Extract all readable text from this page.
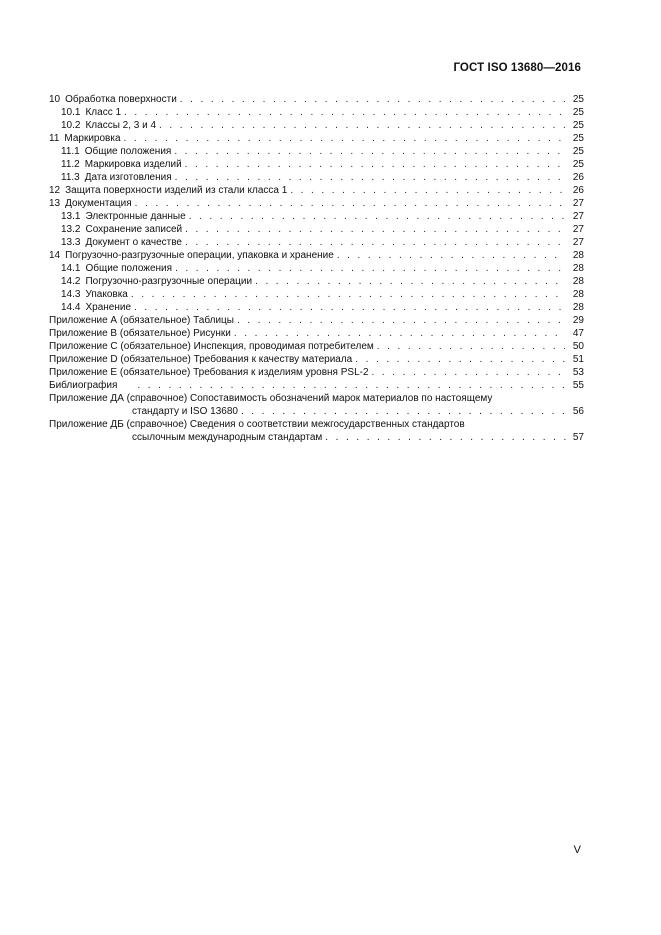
ГОСТ ISO 13680—2016
10 Обработка поверхности . . .	25
10.1 Класс 1 . . .	25
10.2 Классы 2, 3 и 4 . . .	25
11 Маркировка . . .	25
11.1 Общие положения . . .	25
11.2 Маркировка изделий . . .	25
11.3 Дата изготовления . . .	26
12 Защита поверхности изделий из стали класса 1 . . .	26
13 Документация . . .	27
13.1 Электронные данные . . .	27
13.2 Сохранение записей . . .	27
13.3 Документ о качестве . . .	27
14 Погрузочно-разгрузочные операции, упаковка и хранение . . .	28
14.1 Общие положения . . .	28
14.2 Погрузочно-разгрузочные операции . . .	28
14.3 Упаковка . . .	28
14.4 Хранение . . .	28
Приложение А (обязательное) Таблицы . . .	29
Приложение В (обязательное) Рисунки . . .	47
Приложение С (обязательное) Инспекция, проводимая потребителем . . .	50
Приложение D (обязательное) Требования к качеству материала . . .	51
Приложение Е (обязательное) Требования к изделиям уровня PSL-2 . . .	53
Библиография . . .	55
Приложение ДА (справочное) Сопоставимость обозначений марок материалов по настоящему
стандарту и ISO 13680 . . .	56
Приложение ДБ (справочное) Сведения о соответствии межгосударственных стандартов
ссылочным международным стандартам . . .	57
V
